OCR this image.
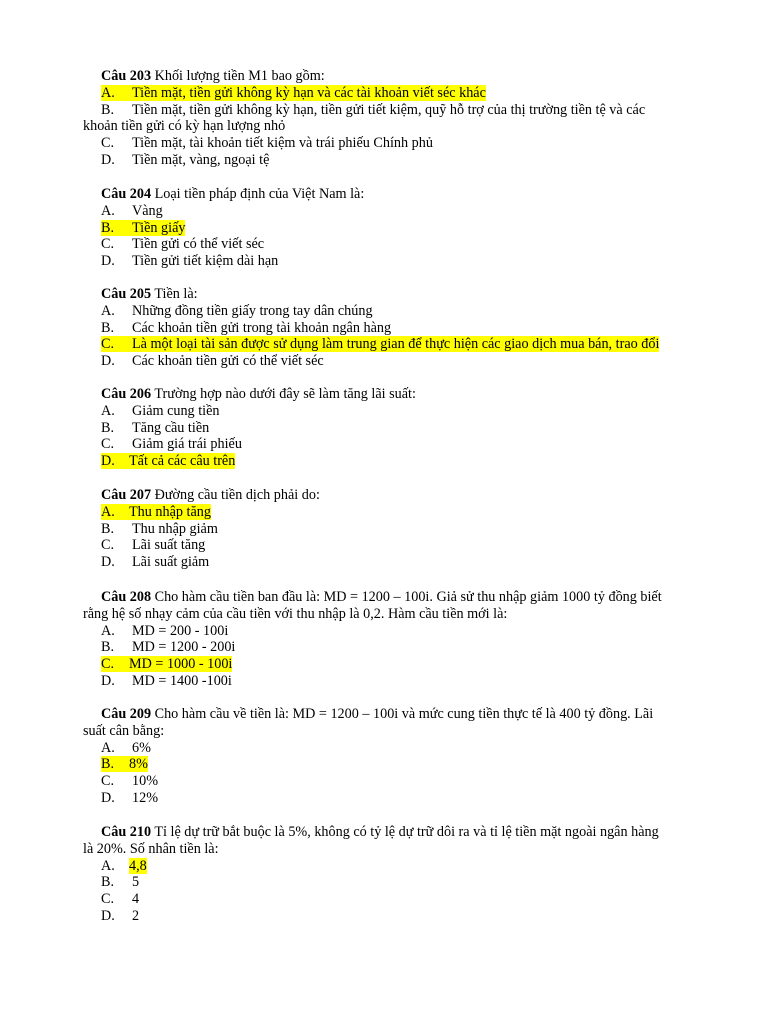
Câu 203 Khối lượng tiền M1 bao gồm:
A. Tiền mặt, tiền gửi không kỳ hạn và các tài khoản viết séc khác
B. Tiền mặt, tiền gửi không kỳ hạn, tiền gửi tiết kiệm, quỹ hỗ trợ của thị trường tiền tệ và các
khoản tiền gửi có kỳ hạn lượng nhỏ
C. Tiền mặt, tài khoản tiết kiệm và trái phiếu Chính phủ
D. Tiền mặt, vàng, ngoại tệ
Câu 204 Loại tiền pháp định của Việt Nam là:
A. Vàng
B. Tiền giấy
C. Tiền gửi có thể viết séc
D. Tiền gửi tiết kiệm dài hạn
Câu 205 Tiền là:
A. Những đồng tiền giấy trong tay dân chúng
B. Các khoản tiền gửi trong tài khoản ngân hàng
C. Là một loại tài sản được sử dụng làm trung gian để thực hiện các giao dịch mua bán, trao đổi
D. Các khoản tiền gửi có thể viết séc
Câu 206 Trường hợp nào dưới đây sẽ làm tăng lãi suất:
A. Giảm cung tiền
B. Tăng cầu tiền
C. Giảm giá trái phiếu
D. Tất cả các câu trên
Câu 207 Đường cầu tiền dịch phải do:
A. Thu nhập tăng
B. Thu nhập giảm
C. Lãi suất tăng
D. Lãi suất giảm
Câu 208 Cho hàm cầu tiền ban đầu là: MD = 1200 – 100i. Giả sử thu nhập giảm 1000 tỷ đồng biết
rằng hệ số nhạy cảm của cầu tiền với thu nhập là 0,2. Hàm cầu tiền mới là:
A. MD = 200 - 100i
B. MD = 1200 - 200i
C. MD = 1000 - 100i
D. MD = 1400 -100i
Câu 209 Cho hàm cầu về tiền là: MD = 1200 – 100i và mức cung tiền thực tế là 400 tỷ đồng. Lãi
suất cân bằng:
A. 6%
B. 8%
C. 10%
D. 12%
Câu 210 Tỉ lệ dự trữ bắt buộc là 5%, không có tỷ lệ dự trữ dôi ra và tỉ lệ tiền mặt ngoài ngân hàng
là 20%. Số nhân tiền là:
A. 4,8
B. 5
C. 4
D. 2
